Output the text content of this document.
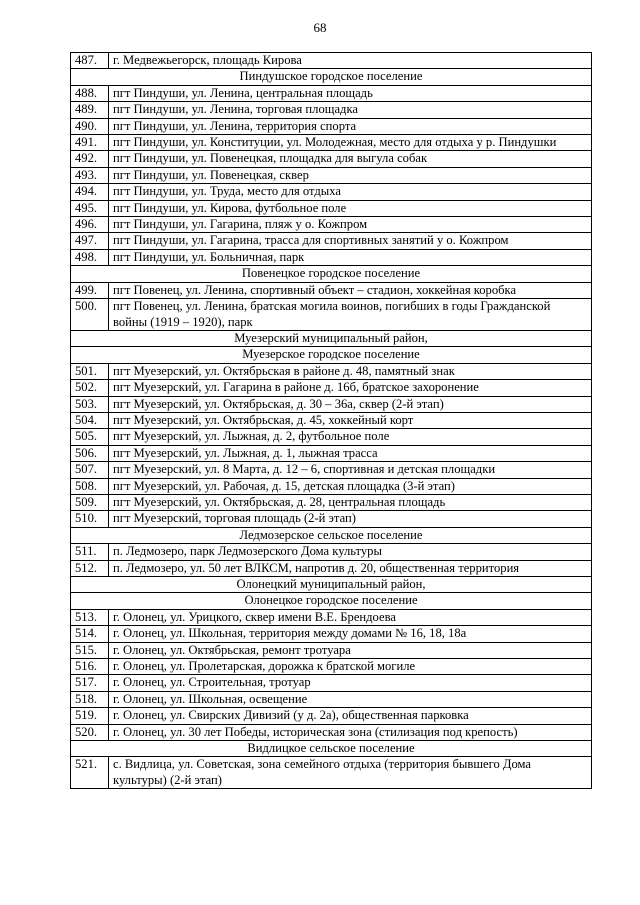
68
487.	г. Медвежьегорск, площадь Кирова
Пиндушское городское поселение	
488.	пгт Пиндуши, ул. Ленина, центральная площадь
489.	пгт Пиндуши, ул. Ленина, торговая площадка
490.	пгт Пиндуши, ул. Ленина, территория спорта
491.	пгт Пиндуши, ул. Конституции, ул. Молодежная, место для отдыха у р. Пиндушки
492.	пгт Пиндуши, ул. Повенецкая, площадка для выгула собак
493.	пгт Пиндуши, ул. Повенецкая, сквер
494.	пгт Пиндуши, ул. Труда, место для отдыха
495.	пгт Пиндуши, ул. Кирова, футбольное поле
496.	пгт Пиндуши, ул. Гагарина, пляж у о. Кожпром
497.	пгт Пиндуши, ул. Гагарина, трасса для спортивных занятий у о. Кожпром
498.	пгт Пиндуши, ул. Больничная, парк
Повенецкое городское поселение	
499.	пгт Повенец, ул. Ленина, спортивный объект – стадион, хоккейная коробка
500.	пгт Повенец, ул. Ленина, братская могила воинов, погибших в годы Гражданской войны (1919 – 1920), парк
Муезерский муниципальный район,	
Муезерское городское поселение	
501.	пгт Муезерский, ул. Октябрьская в районе д. 48, памятный знак
502.	пгт Муезерский, ул. Гагарина в районе д. 16б, братское захоронение
503.	пгт Муезерский, ул. Октябрьская, д. 30 – 36а, сквер (2-й этап)
504.	пгт Муезерский, ул. Октябрьская, д. 45, хоккейный корт
505.	пгт Муезерский, ул. Лыжная, д. 2, футбольное поле
506.	пгт Муезерский, ул. Лыжная, д. 1, лыжная трасса
507.	пгт Муезерский, ул. 8 Марта, д. 12 – 6, спортивная и детская площадки
508.	пгт Муезерский, ул. Рабочая, д. 15, детская площадка (3-й этап)
509.	пгт Муезерский, ул. Октябрьская, д. 28, центральная площадь
510.	пгт Муезерский, торговая площадь (2-й этап)
Ледмозерское сельское поселение	
511.	п. Ледмозеро, парк Ледмозерского Дома культуры
512.	п. Ледмозеро, ул. 50 лет ВЛКСМ, напротив д. 20, общественная территория
Олонецкий муниципальный район,	
Олонецкое городское поселение	
513.	г. Олонец, ул. Урицкого, сквер имени В.Е. Брендоева
514.	г. Олонец, ул. Школьная, территория между домами № 16, 18, 18а
515.	г. Олонец, ул. Октябрьская, ремонт тротуара
516.	г. Олонец, ул. Пролетарская, дорожка к братской могиле
517.	г. Олонец, ул. Строительная, тротуар
518.	г. Олонец, ул. Школьная, освещение
519.	г. Олонец, ул. Свирских Дивизий (у д. 2а), общественная парковка
520.	г. Олонец, ул. 30 лет Победы, историческая зона (стилизация под крепость)
Видлицкое сельское поселение	
521.	с. Видлица, ул. Советская, зона семейного отдыха (территория бывшего Дома культуры) (2-й этап)
